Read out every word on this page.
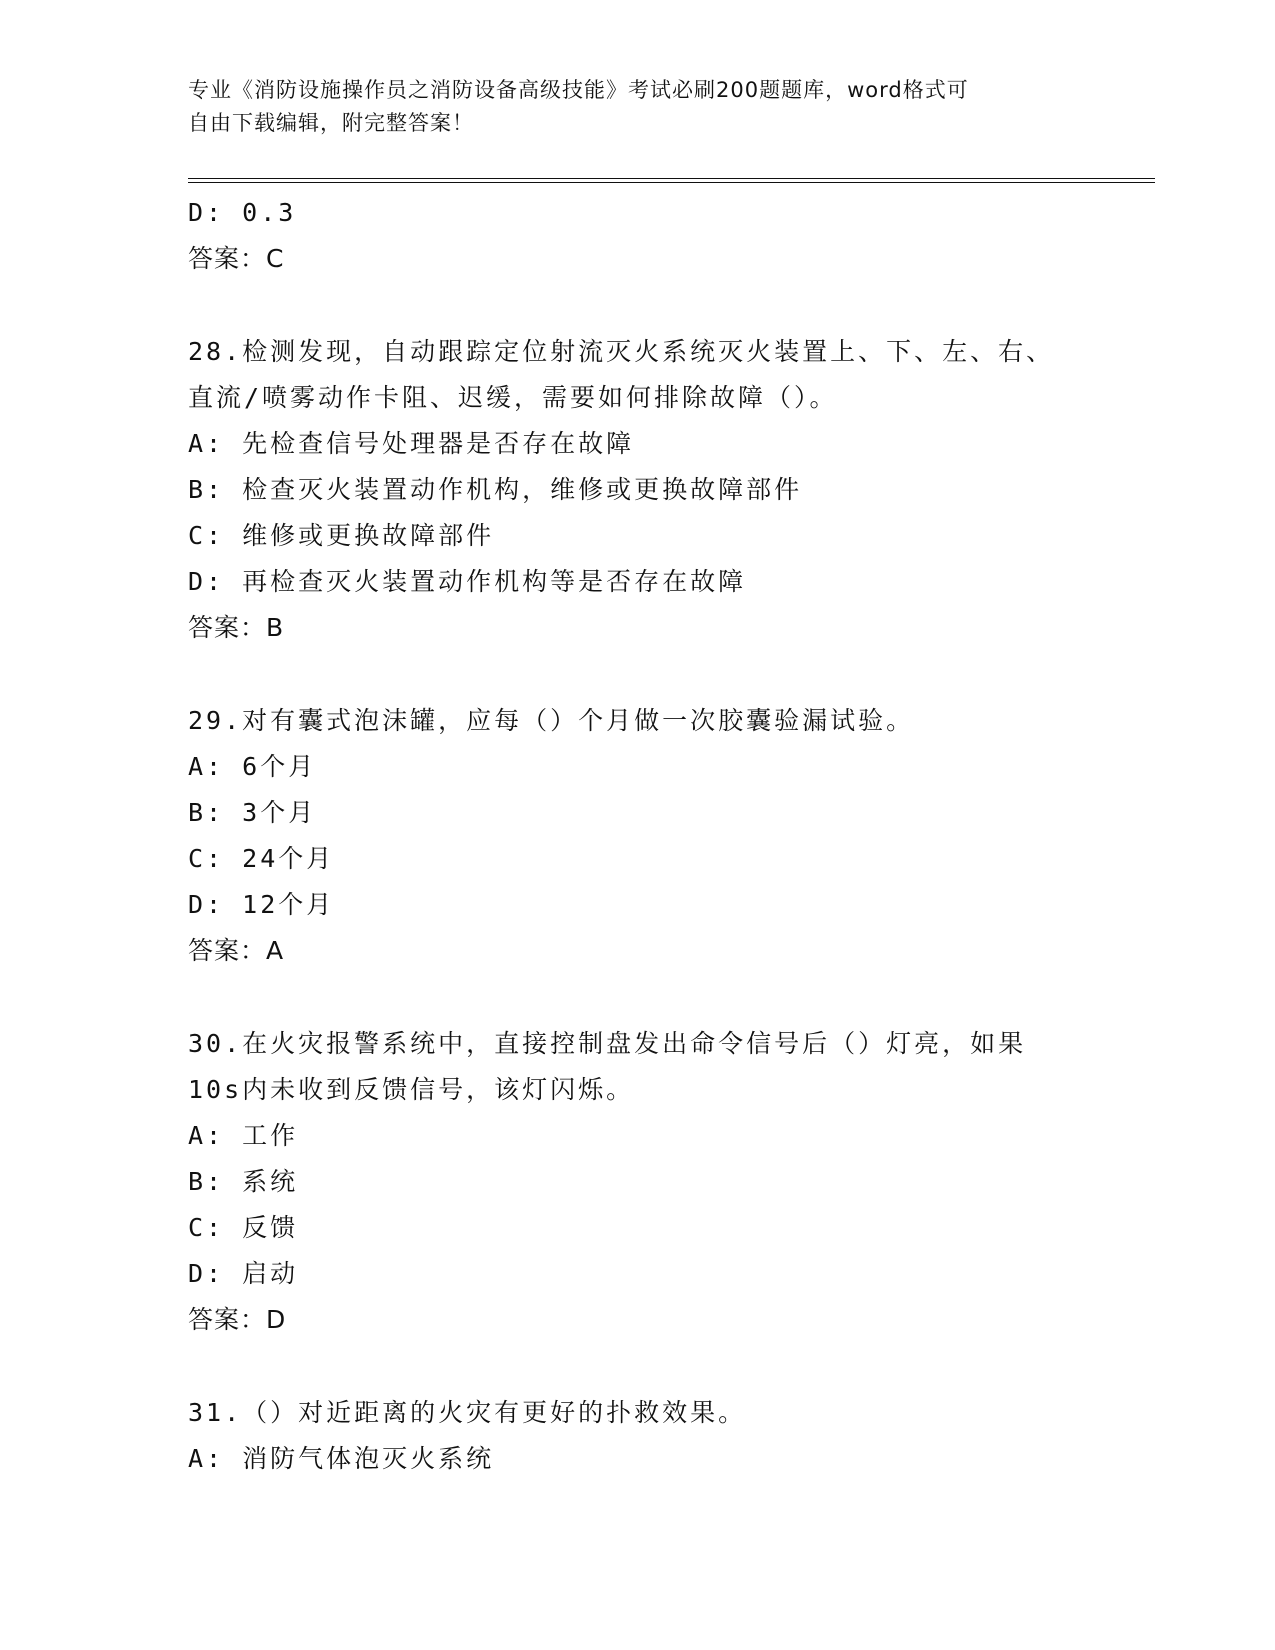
专业《消防设施操作员之消防设备高级技能》考试必刷200题题库，word格式可
自由下载编辑，附完整答案！
D: 0.3
答案：C
28.检测发现，自动跟踪定位射流灭火系统灭火装置上、下、左、右、
直流/喷雾动作卡阻、迟缓，需要如何排除故障（）。
A: 先检查信号处理器是否存在故障
B: 检查灭火装置动作机构，维修或更换故障部件
C: 维修或更换故障部件
D: 再检查灭火装置动作机构等是否存在故障
答案：B
29.对有囊式泡沫罐，应每（）个月做一次胶囊验漏试验。
A: 6个月
B: 3个月
C: 24个月
D: 12个月
答案：A
30.在火灾报警系统中，直接控制盘发出命令信号后（）灯亮，如果
10s内未收到反馈信号，该灯闪烁。
A: 工作
B: 系统
C: 反馈
D: 启动
答案：D
31.（）对近距离的火灾有更好的扑救效果。
A: 消防气体泡灭火系统
